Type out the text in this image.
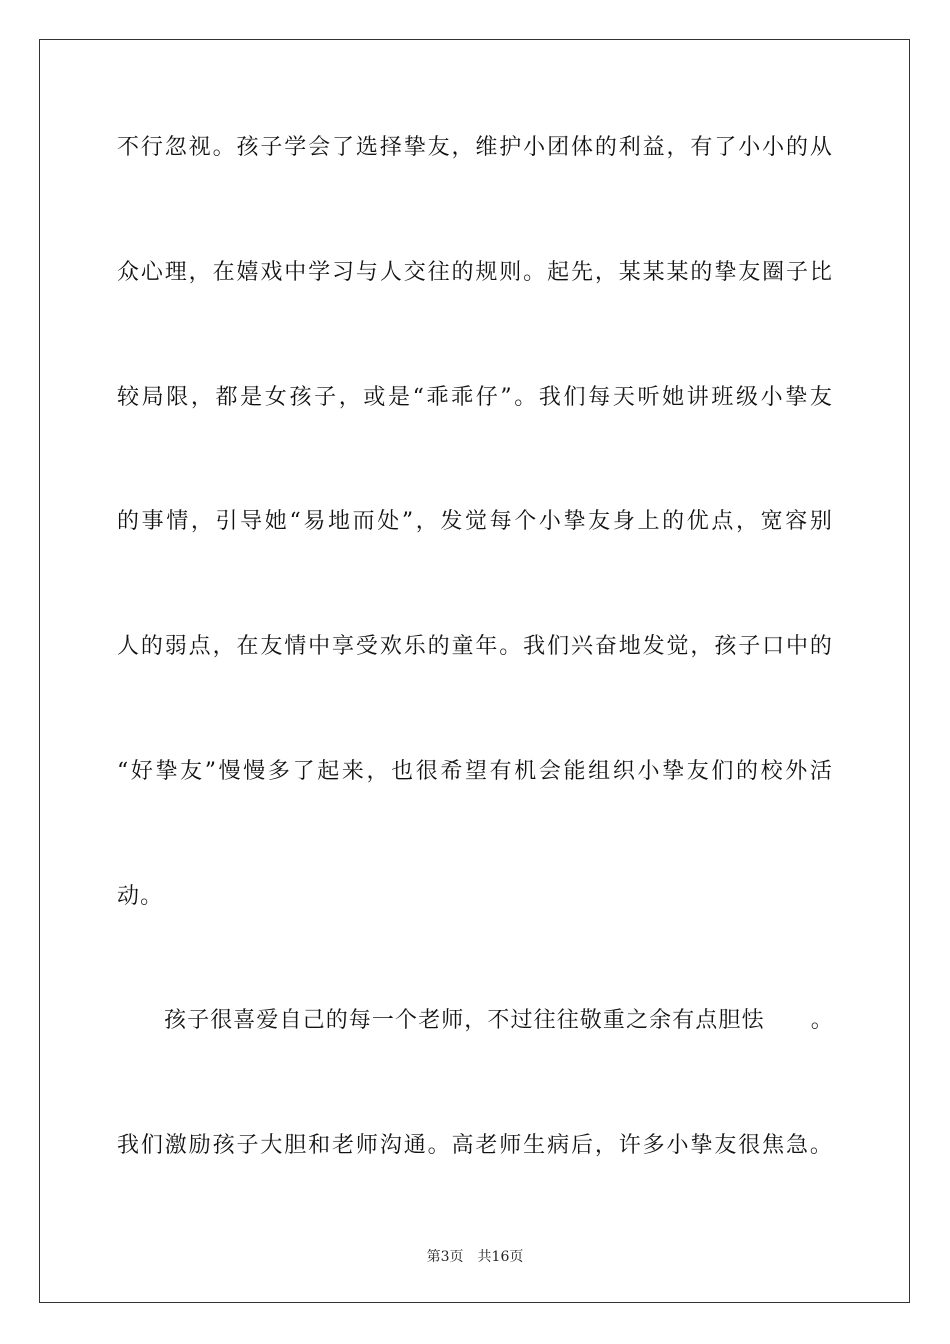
不行忽视。孩子学会了选择挚友，维护小团体的利益，有了小小的从
众心理，在嬉戏中学习与人交往的规则。起先，某某某的挚友圈子比
较局限，都是女孩子，或是“乖乖仔”。我们每天听她讲班级小挚友
的事情，引导她“易地而处”，发觉每个小挚友身上的优点，宽容别
人的弱点，在友情中享受欢乐的童年。我们兴奋地发觉，孩子口中的
“好挚友”慢慢多了起来，也很希望有机会能组织小挚友们的校外活
动。
孩子很喜爱自己的每一个老师，不过往往敬重之余有点胆怯　　。
我们激励孩子大胆和老师沟通。高老师生病后，许多小挚友很焦急。
第3页 共16页
